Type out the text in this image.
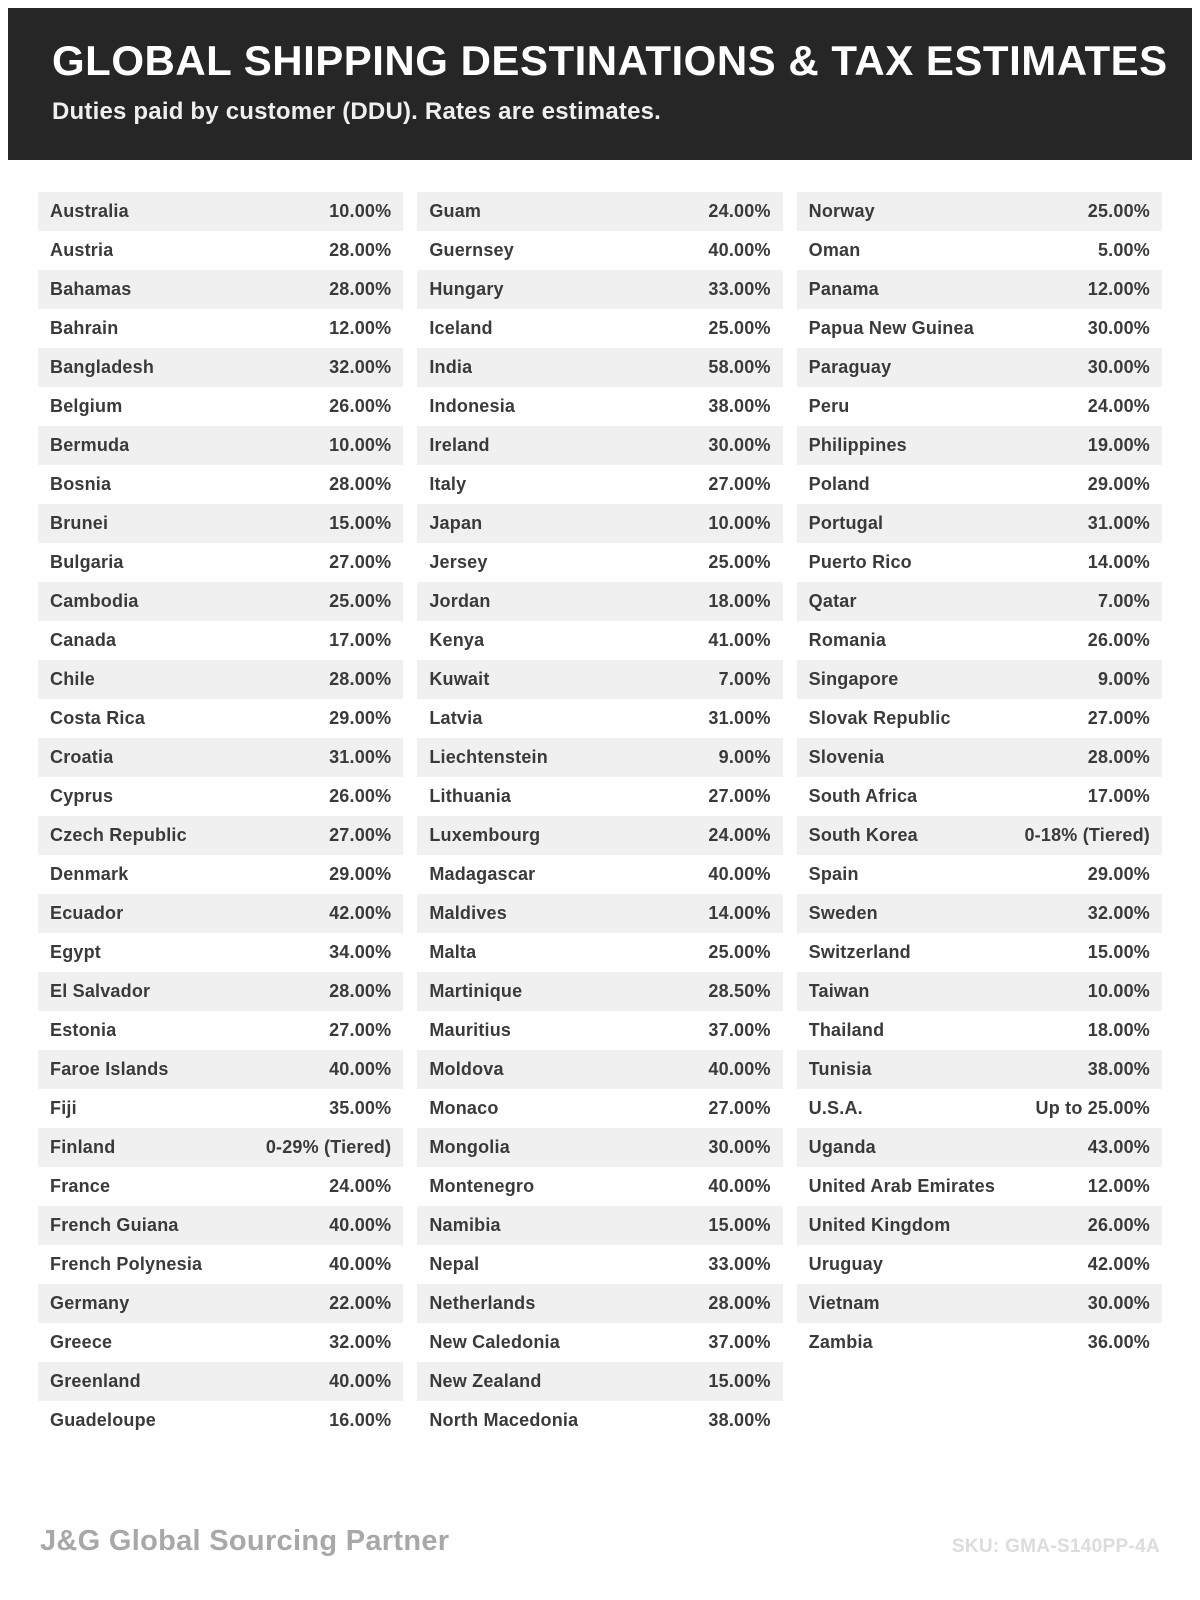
GLOBAL SHIPPING DESTINATIONS & TAX ESTIMATES
Duties paid by customer (DDU). Rates are estimates.
Australia	10.00%
Austria	28.00%
Bahamas	28.00%
Bahrain	12.00%
Bangladesh	32.00%
Belgium	26.00%
Bermuda	10.00%
Bosnia	28.00%
Brunei	15.00%
Bulgaria	27.00%
Cambodia	25.00%
Canada	17.00%
Chile	28.00%
Costa Rica	29.00%
Croatia	31.00%
Cyprus	26.00%
Czech Republic	27.00%
Denmark	29.00%
Ecuador	42.00%
Egypt	34.00%
El Salvador	28.00%
Estonia	27.00%
Faroe Islands	40.00%
Fiji	35.00%
Finland	0-29% (Tiered)
France	24.00%
French Guiana	40.00%
French Polynesia	40.00%
Germany	22.00%
Greece	32.00%
Greenland	40.00%
Guadeloupe	16.00%
Guam	24.00%
Guernsey	40.00%
Hungary	33.00%
Iceland	25.00%
India	58.00%
Indonesia	38.00%
Ireland	30.00%
Italy	27.00%
Japan	10.00%
Jersey	25.00%
Jordan	18.00%
Kenya	41.00%
Kuwait	7.00%
Latvia	31.00%
Liechtenstein	9.00%
Lithuania	27.00%
Luxembourg	24.00%
Madagascar	40.00%
Maldives	14.00%
Malta	25.00%
Martinique	28.50%
Mauritius	37.00%
Moldova	40.00%
Monaco	27.00%
Mongolia	30.00%
Montenegro	40.00%
Namibia	15.00%
Nepal	33.00%
Netherlands	28.00%
New Caledonia	37.00%
New Zealand	15.00%
North Macedonia	38.00%
Norway	25.00%
Oman	5.00%
Panama	12.00%
Papua New Guinea	30.00%
Paraguay	30.00%
Peru	24.00%
Philippines	19.00%
Poland	29.00%
Portugal	31.00%
Puerto Rico	14.00%
Qatar	7.00%
Romania	26.00%
Singapore	9.00%
Slovak Republic	27.00%
Slovenia	28.00%
South Africa	17.00%
South Korea	0-18% (Tiered)
Spain	29.00%
Sweden	32.00%
Switzerland	15.00%
Taiwan	10.00%
Thailand	18.00%
Tunisia	38.00%
U.S.A.	Up to 25.00%
Uganda	43.00%
United Arab Emirates	12.00%
United Kingdom	26.00%
Uruguay	42.00%
Vietnam	30.00%
Zambia	36.00%
J&G Global Sourcing Partner	SKU: GMA-S140PP-4A
